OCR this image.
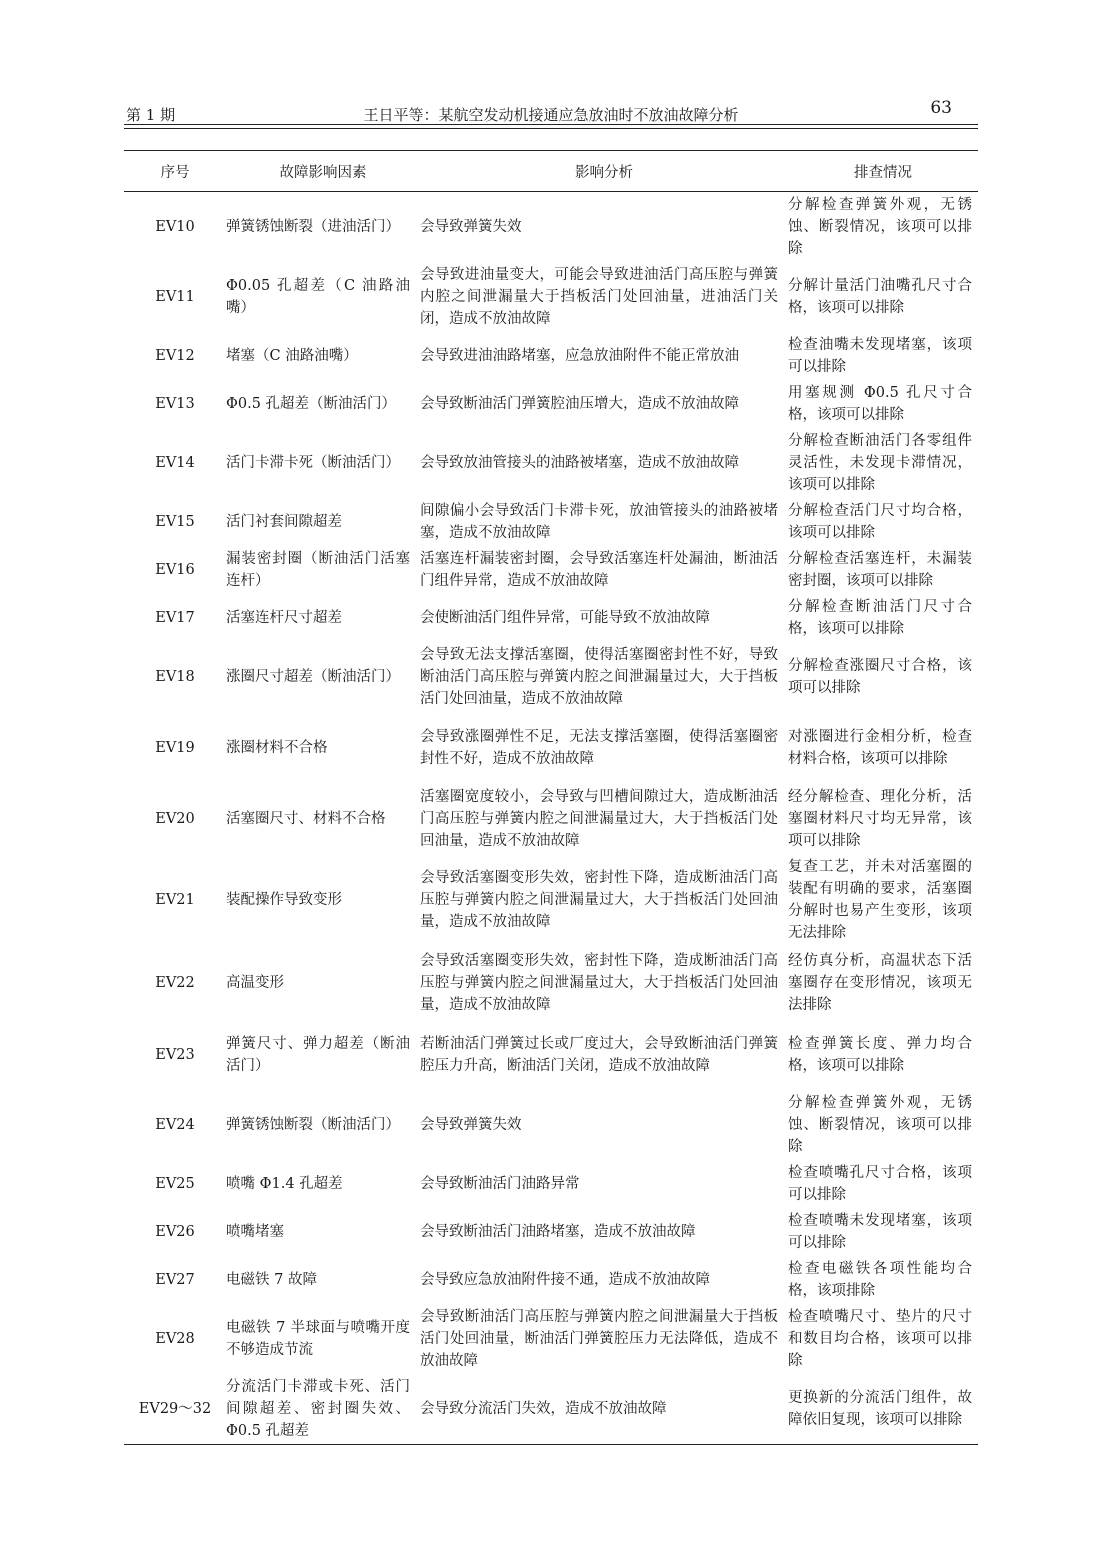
第 1 期	王日平等：某航空发动机接通应急放油时不放油故障分析	63
序号	故障影响因素	影响分析	排查情况
EV10	弹簧锈蚀断裂（进油活门）	会导致弹簧失效	分解检查弹簧外观，无锈蚀、断裂情况，该项可以排除
EV11	Φ0.05 孔超差（C 油路油嘴）	会导致进油量变大，可能会导致进油活门高压腔与弹簧内腔之间泄漏量大于挡板活门处回油量，进油活门关闭，造成不放油故障	分解计量活门油嘴孔尺寸合格，该项可以排除
EV12	堵塞（C 油路油嘴）	会导致进油油路堵塞，应急放油附件不能正常放油	检查油嘴未发现堵塞，该项可以排除
EV13	Φ0.5 孔超差（断油活门）	会导致断油活门弹簧腔油压增大，造成不放油故障	用塞规测 Φ0.5 孔尺寸合格，该项可以排除
EV14	活门卡滞卡死（断油活门）	会导致放油管接头的油路被堵塞，造成不放油故障	分解检查断油活门各零组件灵活性，未发现卡滞情况，该项可以排除
EV15	活门衬套间隙超差	间隙偏小会导致活门卡滞卡死，放油管接头的油路被堵塞，造成不放油故障	分解检查活门尺寸均合格，该项可以排除
EV16	漏装密封圈（断油活门活塞连杆）	活塞连杆漏装密封圈，会导致活塞连杆处漏油，断油活门组件异常，造成不放油故障	分解检查活塞连杆，未漏装密封圈，该项可以排除
EV17	活塞连杆尺寸超差	会使断油活门组件异常，可能导致不放油故障	分解检查断油活门尺寸合格，该项可以排除
EV18	涨圈尺寸超差（断油活门）	会导致无法支撑活塞圈，使得活塞圈密封性不好，导致断油活门高压腔与弹簧内腔之间泄漏量过大，大于挡板活门处回油量，造成不放油故障	分解检查涨圈尺寸合格，该项可以排除
EV19	涨圈材料不合格	会导致涨圈弹性不足，无法支撑活塞圈，使得活塞圈密封性不好，造成不放油故障	对涨圈进行金相分析，检查材料合格，该项可以排除
EV20	活塞圈尺寸、材料不合格	活塞圈宽度较小，会导致与凹槽间隙过大，造成断油活门高压腔与弹簧内腔之间泄漏量过大，大于挡板活门处回油量，造成不放油故障	经分解检查、理化分析，活塞圈材料尺寸均无异常，该项可以排除
EV21	装配操作导致变形	会导致活塞圈变形失效，密封性下降，造成断油活门高压腔与弹簧内腔之间泄漏量过大，大于挡板活门处回油量，造成不放油故障	复查工艺，并未对活塞圈的装配有明确的要求，活塞圈分解时也易产生变形，该项无法排除
EV22	高温变形	会导致活塞圈变形失效，密封性下降，造成断油活门高压腔与弹簧内腔之间泄漏量过大，大于挡板活门处回油量，造成不放油故障	经仿真分析，高温状态下活塞圈存在变形情况，该项无法排除
EV23	弹簧尺寸、弹力超差（断油活门）	若断油活门弹簧过长或厂度过大，会导致断油活门弹簧腔压力升高，断油活门关闭，造成不放油故障	检查弹簧长度、弹力均合格，该项可以排除
EV24	弹簧锈蚀断裂（断油活门）	会导致弹簧失效	分解检查弹簧外观，无锈蚀、断裂情况，该项可以排除
EV25	喷嘴 Φ1.4 孔超差	会导致断油活门油路异常	检查喷嘴孔尺寸合格，该项可以排除
EV26	喷嘴堵塞	会导致断油活门油路堵塞，造成不放油故障	检查喷嘴未发现堵塞，该项可以排除
EV27	电磁铁 7 故障	会导致应急放油附件接不通，造成不放油故障	检查电磁铁各项性能均合格，该项排除
EV28	电磁铁 7 半球面与喷嘴开度不够造成节流	会导致断油活门高压腔与弹簧内腔之间泄漏量大于挡板活门处回油量，断油活门弹簧腔压力无法降低，造成不放油故障	检查喷嘴尺寸、垫片的尺寸和数目均合格，该项可以排除
EV29～32	分流活门卡滞或卡死、活门间隙超差、密封圈失效、Φ0.5 孔超差	会导致分流活门失效，造成不放油故障	更换新的分流活门组件，故障依旧复现，该项可以排除
